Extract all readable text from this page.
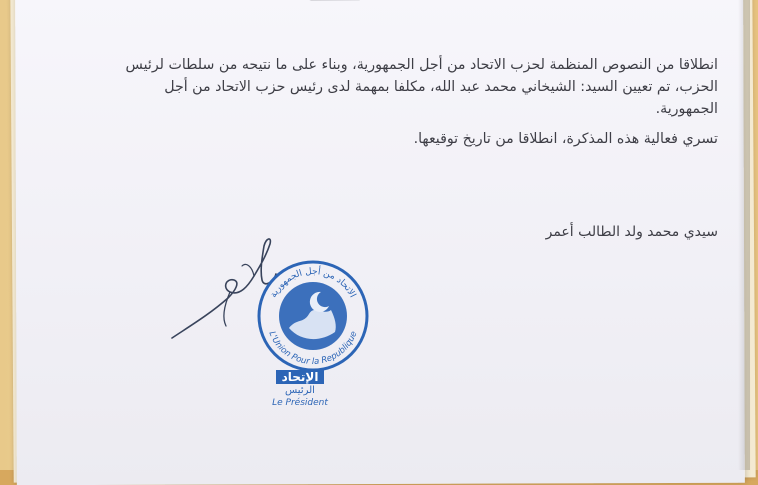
انطلاقا من النصوص المنظمة لحزب الاتحاد من أجل الجمهورية، وبناء على ما نتيحه من سلطات لرئيس الحزب، تم تعيين السيد: الشيخاني محمد عبد الله، مكلفا بمهمة لدى رئيس حزب الاتحاد من أجل الجمهورية.

تسري فعالية هذه المذكرة، انطلاقا من تاريخ توقيعها.

سيدي محمد ولد الطالب أعمر
الاتحاد من أجل الجمهورية
L'Union Pour la Republique
الإتحاد
الرئيس
Le Président
